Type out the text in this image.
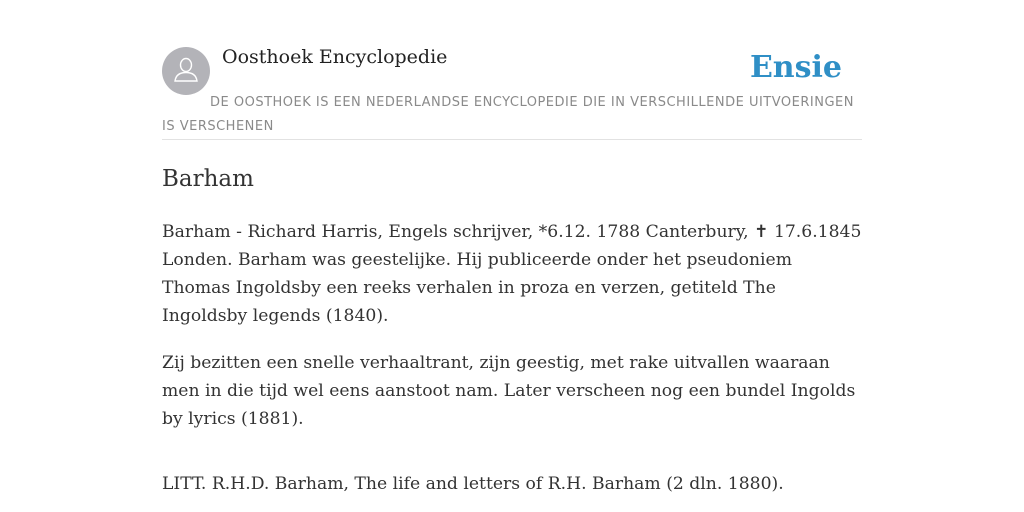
Oosthoek Encyclopedie	Ensie
DE OOSTHOEK IS EEN NEDERLANDSE ENCYCLOPEDIE DIE IN VERSCHILLENDE UITVOERINGEN IS VERSCHENEN
Barham

Barham - Richard Harris, Engels schrijver, *6.12. 1788 Canterbury, ✝ 17.6.1845 Londen. Barham was geestelijke. Hij publiceerde onder het pseudoniem Thomas Ingoldsby een reeks verhalen in proza en verzen, getiteld The Ingoldsby legends (1840).

Zij bezitten een snelle verhaaltrant, zijn geestig, met rake uitvallen waaraan men in die tijd wel eens aanstoot nam. Later verscheen nog een bundel Ingolds by lyrics (1881).

LITT. R.H.D. Barham, The life and letters of R.H. Barham (2 dln. 1880).
